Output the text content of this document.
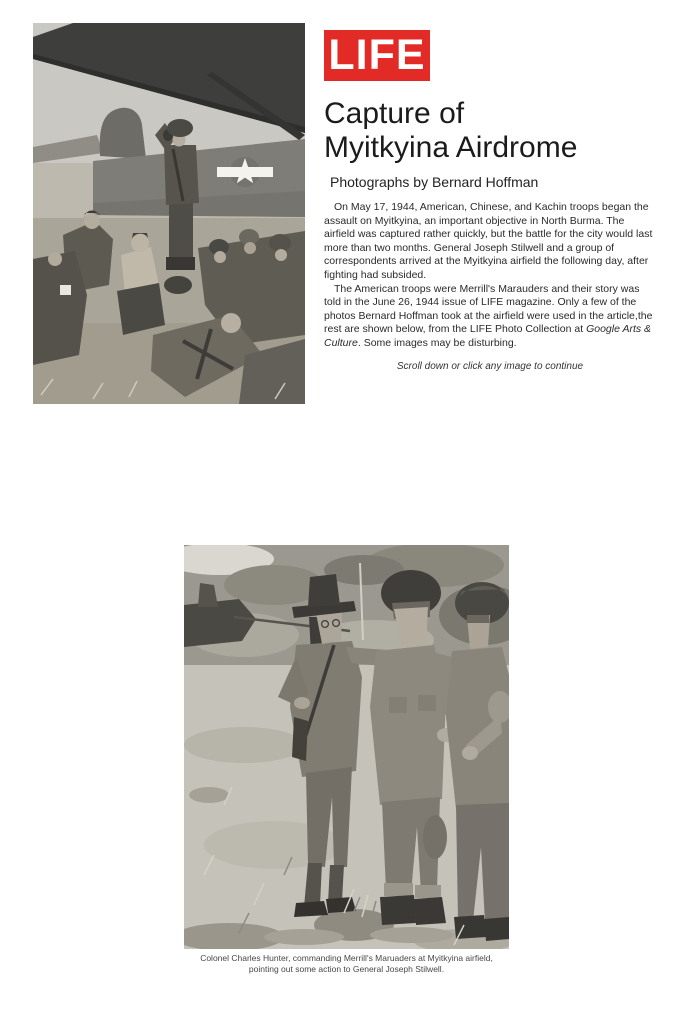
LIFE
Capture of
Myitkyina Airdrome
Photographs by Bernard Hoffman

On May 17, 1944, American, Chinese, and Kachin troops began the assault on Myitkyina, an important objective in North Burma. The airfield was captured rather quickly, but the battle for the city would last more than two months. General Joseph Stilwell and a group of correspondents arrived at the Myitkyina airfield the following day, after fighting had subsided.

The American troops were Merrill's Marauders and their story was told in the June 26, 1944 issue of LIFE magazine. Only a few of the photos Bernard Hoffman took at the airfield were used in the article,the rest are shown below, from the LIFE Photo Collection at Google Arts & Culture. Some images may be disturbing.

Scroll down or click any image to continue
Colonel Charles Hunter, commanding Merrill's Maruaders at Myitkyina airfield,
pointing out some action to General Joseph Stilwell.
